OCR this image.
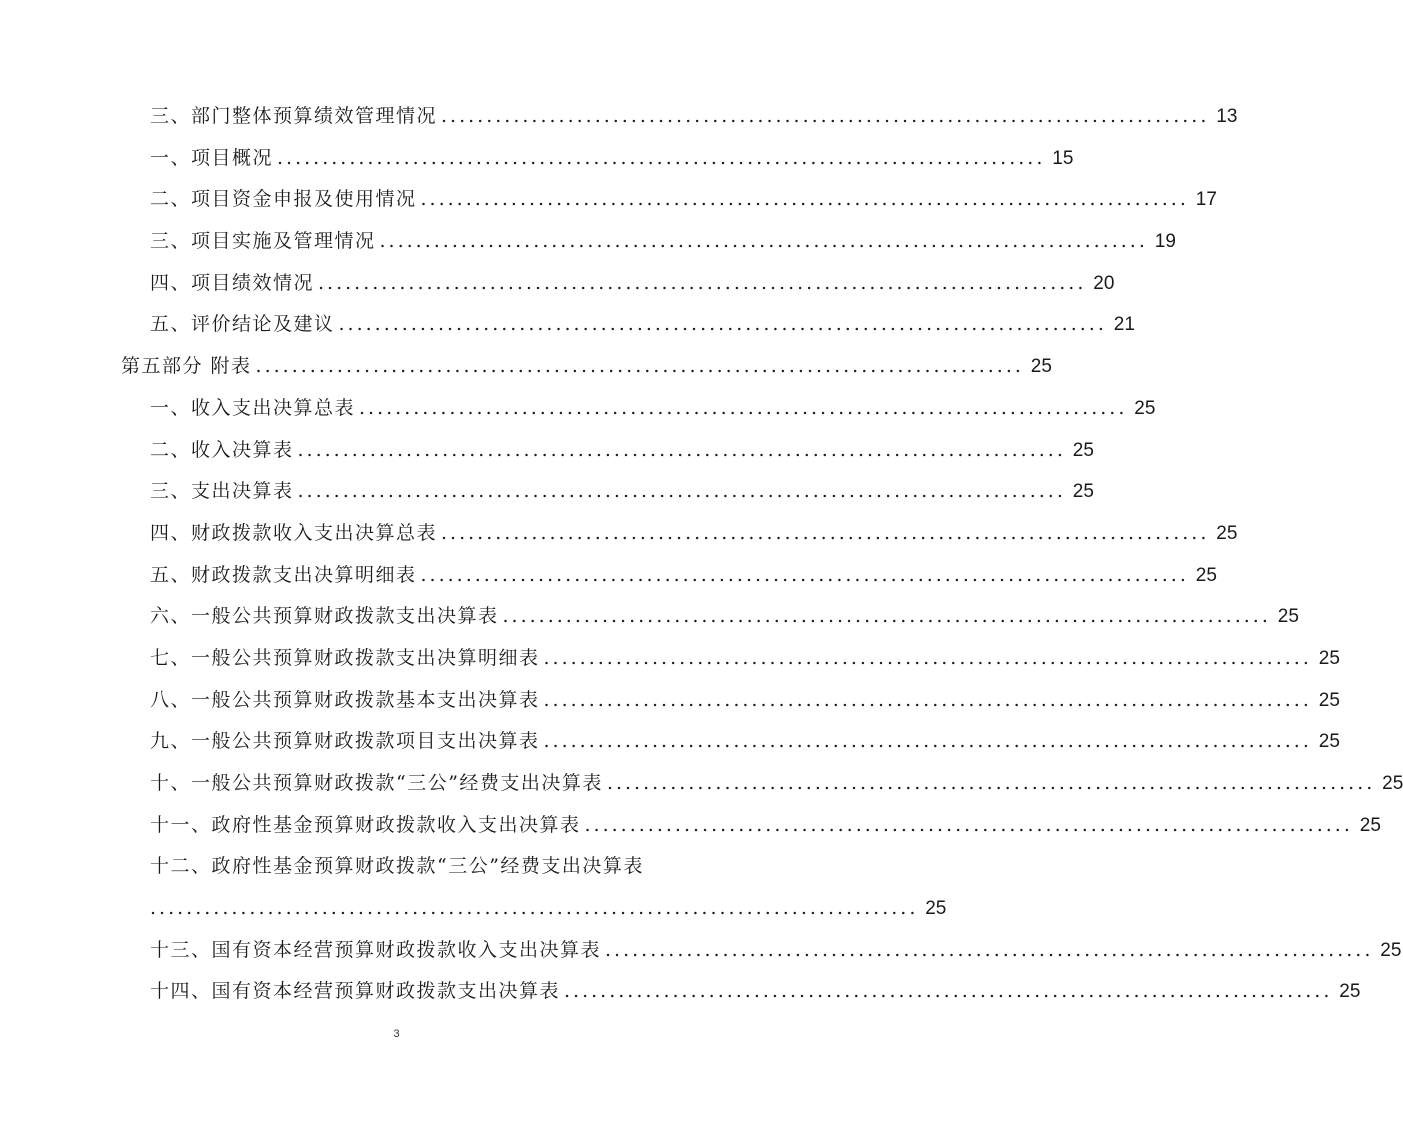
三、部门整体预算绩效管理情况 ..................................................................................... 13
一、项目概况 ..................................................................................... 15
二、项目资金申报及使用情况 ..................................................................................... 17
三、项目实施及管理情况 ..................................................................................... 19
四、项目绩效情况 ..................................................................................... 20
五、评价结论及建议 ..................................................................................... 21
第五部分 附表 ..................................................................................... 25
一、收入支出决算总表 ..................................................................................... 25
二、收入决算表 ..................................................................................... 25
三、支出决算表 ..................................................................................... 25
四、财政拨款收入支出决算总表 ..................................................................................... 25
五、财政拨款支出决算明细表 ..................................................................................... 25
六、一般公共预算财政拨款支出决算表 ..................................................................................... 25
七、一般公共预算财政拨款支出决算明细表 ..................................................................................... 25
八、一般公共预算财政拨款基本支出决算表 ..................................................................................... 25
九、一般公共预算财政拨款项目支出决算表 ..................................................................................... 25
十、一般公共预算财政拨款“三公”经费支出决算表 ..................................................................................... 25
十一、政府性基金预算财政拨款收入支出决算表 ..................................................................................... 25
十二、政府性基金预算财政拨款“三公”经费支出决算表
..................................................................................... 25
十三、国有资本经营预算财政拨款收入支出决算表 ..................................................................................... 25
十四、国有资本经营预算财政拨款支出决算表 ..................................................................................... 25
3
